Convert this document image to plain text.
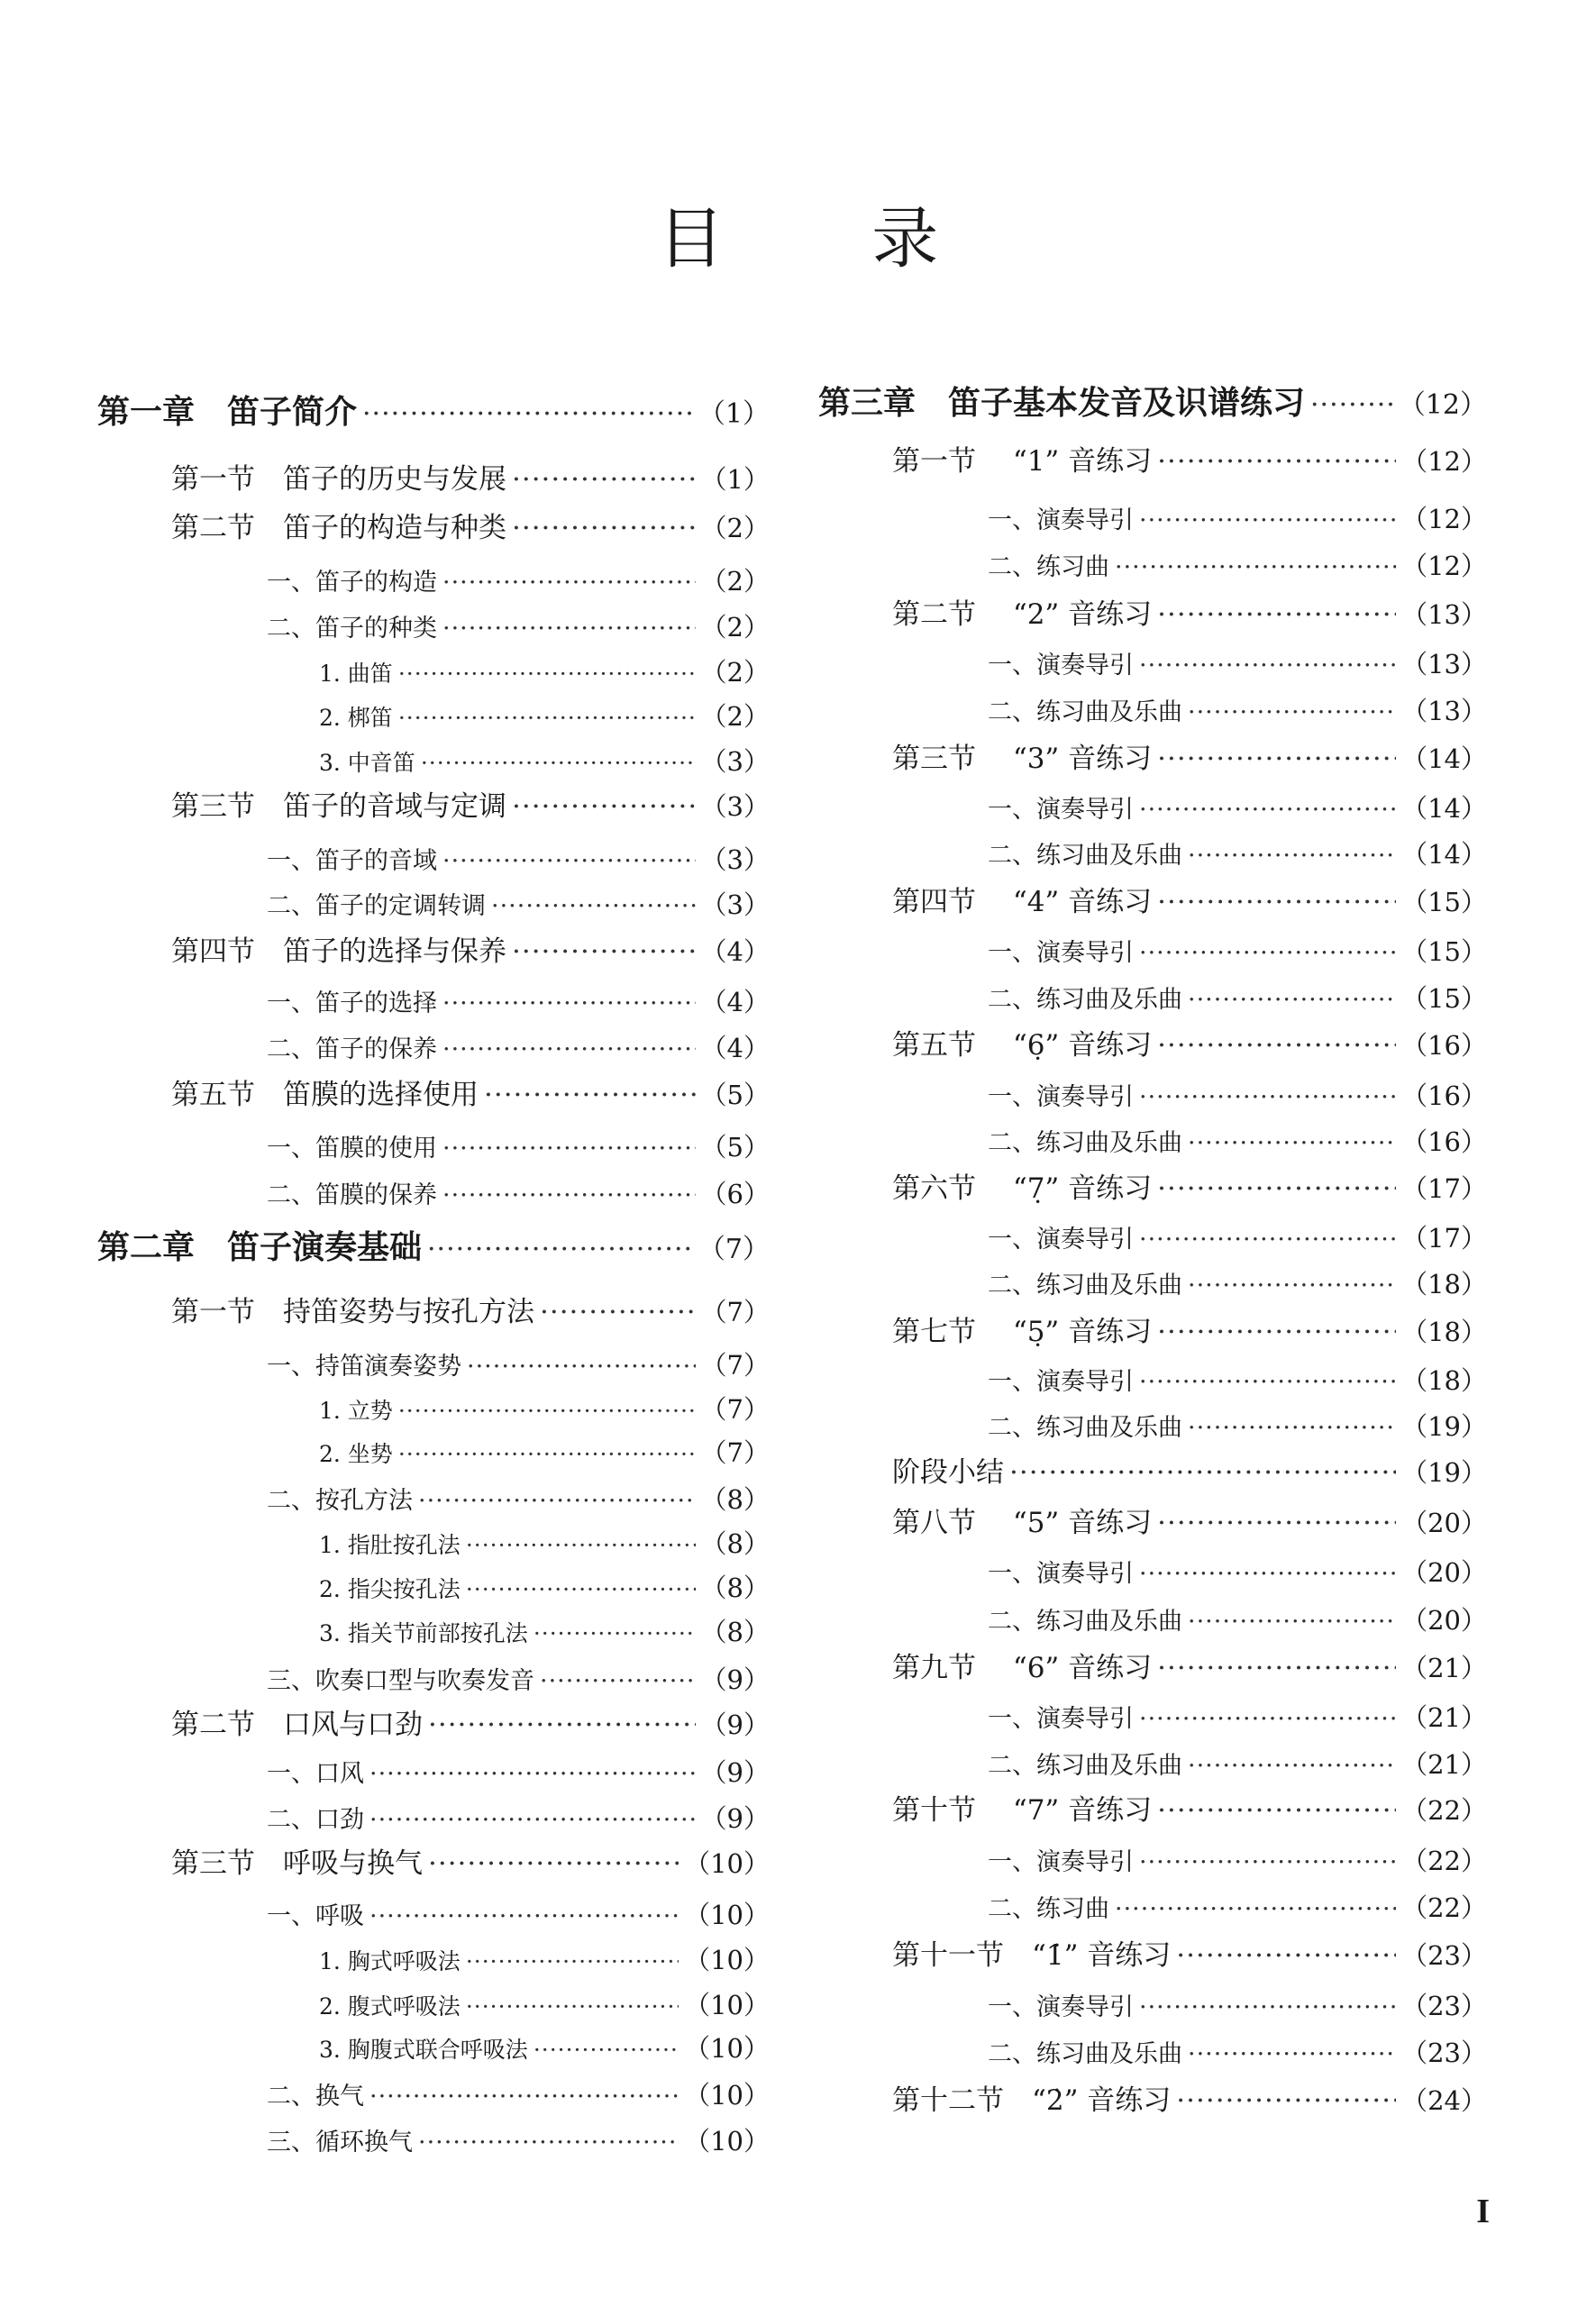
目 录
第一章　笛子简介 ·····	（1）
第一节　笛子的历史与发展 ·····	（1）
第二节　笛子的构造与种类 ·····	（2）
一、笛子的构造 ·····	（2）
二、笛子的种类 ·····	（2）
1. 曲笛 ·····	（2）
2. 梆笛 ·····	（2）
3. 中音笛 ·····	（3）
第三节　笛子的音域与定调 ·····	（3）
一、笛子的音域 ·····	（3）
二、笛子的定调转调 ·····	（3）
第四节　笛子的选择与保养 ·····	（4）
一、笛子的选择 ·····	（4）
二、笛子的保养 ·····	（4）
第五节　笛膜的选择使用 ·····	（5）
一、笛膜的使用 ·····	（5）
二、笛膜的保养 ·····	（6）
第二章　笛子演奏基础 ·····	（7）
第一节　持笛姿势与按孔方法 ·····	（7）
一、持笛演奏姿势 ·····	（7）
1. 立势 ·····	（7）
2. 坐势 ·····	（7）
二、按孔方法 ·····	（8）
1. 指肚按孔法 ·····	（8）
2. 指尖按孔法 ·····	（8）
3. 指关节前部按孔法 ·····	（8）
三、吹奏口型与吹奏发音 ·····	（9）
第二节　口风与口劲 ·····	（9）
一、口风 ·····	（9）
二、口劲 ·····	（9）
第三节　呼吸与换气 ·····	（10）
一、呼吸 ·····	（10）
1. 胸式呼吸法 ·····	（10）
2. 腹式呼吸法 ·····	（10）
3. 胸腹式联合呼吸法 ·····	（10）
二、换气 ·····	（10）
三、循环换气 ·····	（10）
第三章　笛子基本发音及识谱练习 ·····	（12）
第一节　 “1” 音练习 ·····	（12）
一、演奏导引 ·····	（12）
二、练习曲 ·····	（12）
第二节　 “2” 音练习 ·····	（13）
一、演奏导引 ·····	（13）
二、练习曲及乐曲 ·····	（13）
第三节　 “3” 音练习 ·····	（14）
一、演奏导引 ·····	（14）
二、练习曲及乐曲 ·····	（14）
第四节　 “4” 音练习 ·····	（15）
一、演奏导引 ·····	（15）
二、练习曲及乐曲 ·····	（15）
第五节　 “6̣” 音练习 ·····	（16）
一、演奏导引 ·····	（16）
二、练习曲及乐曲 ·····	（16）
第六节　 “7̣” 音练习 ·····	（17）
一、演奏导引 ·····	（17）
二、练习曲及乐曲 ·····	（18）
第七节　 “5̣” 音练习 ·····	（18）
一、演奏导引 ·····	（18）
二、练习曲及乐曲 ·····	（19）
阶段小结 ·····	（19）
第八节　 “5” 音练习 ·····	（20）
一、演奏导引 ·····	（20）
二、练习曲及乐曲 ·····	（20）
第九节　 “6” 音练习 ·····	（21）
一、演奏导引 ·····	（21）
二、练习曲及乐曲 ·····	（21）
第十节　 “7” 音练习 ·····	（22）
一、演奏导引 ·····	（22）
二、练习曲 ·····	（22）
第十一节　“1̇” 音练习 ·····	（23）
一、演奏导引 ·····	（23）
二、练习曲及乐曲 ·····	（23）
第十二节　“2̇” 音练习 ·····	（24）
I
